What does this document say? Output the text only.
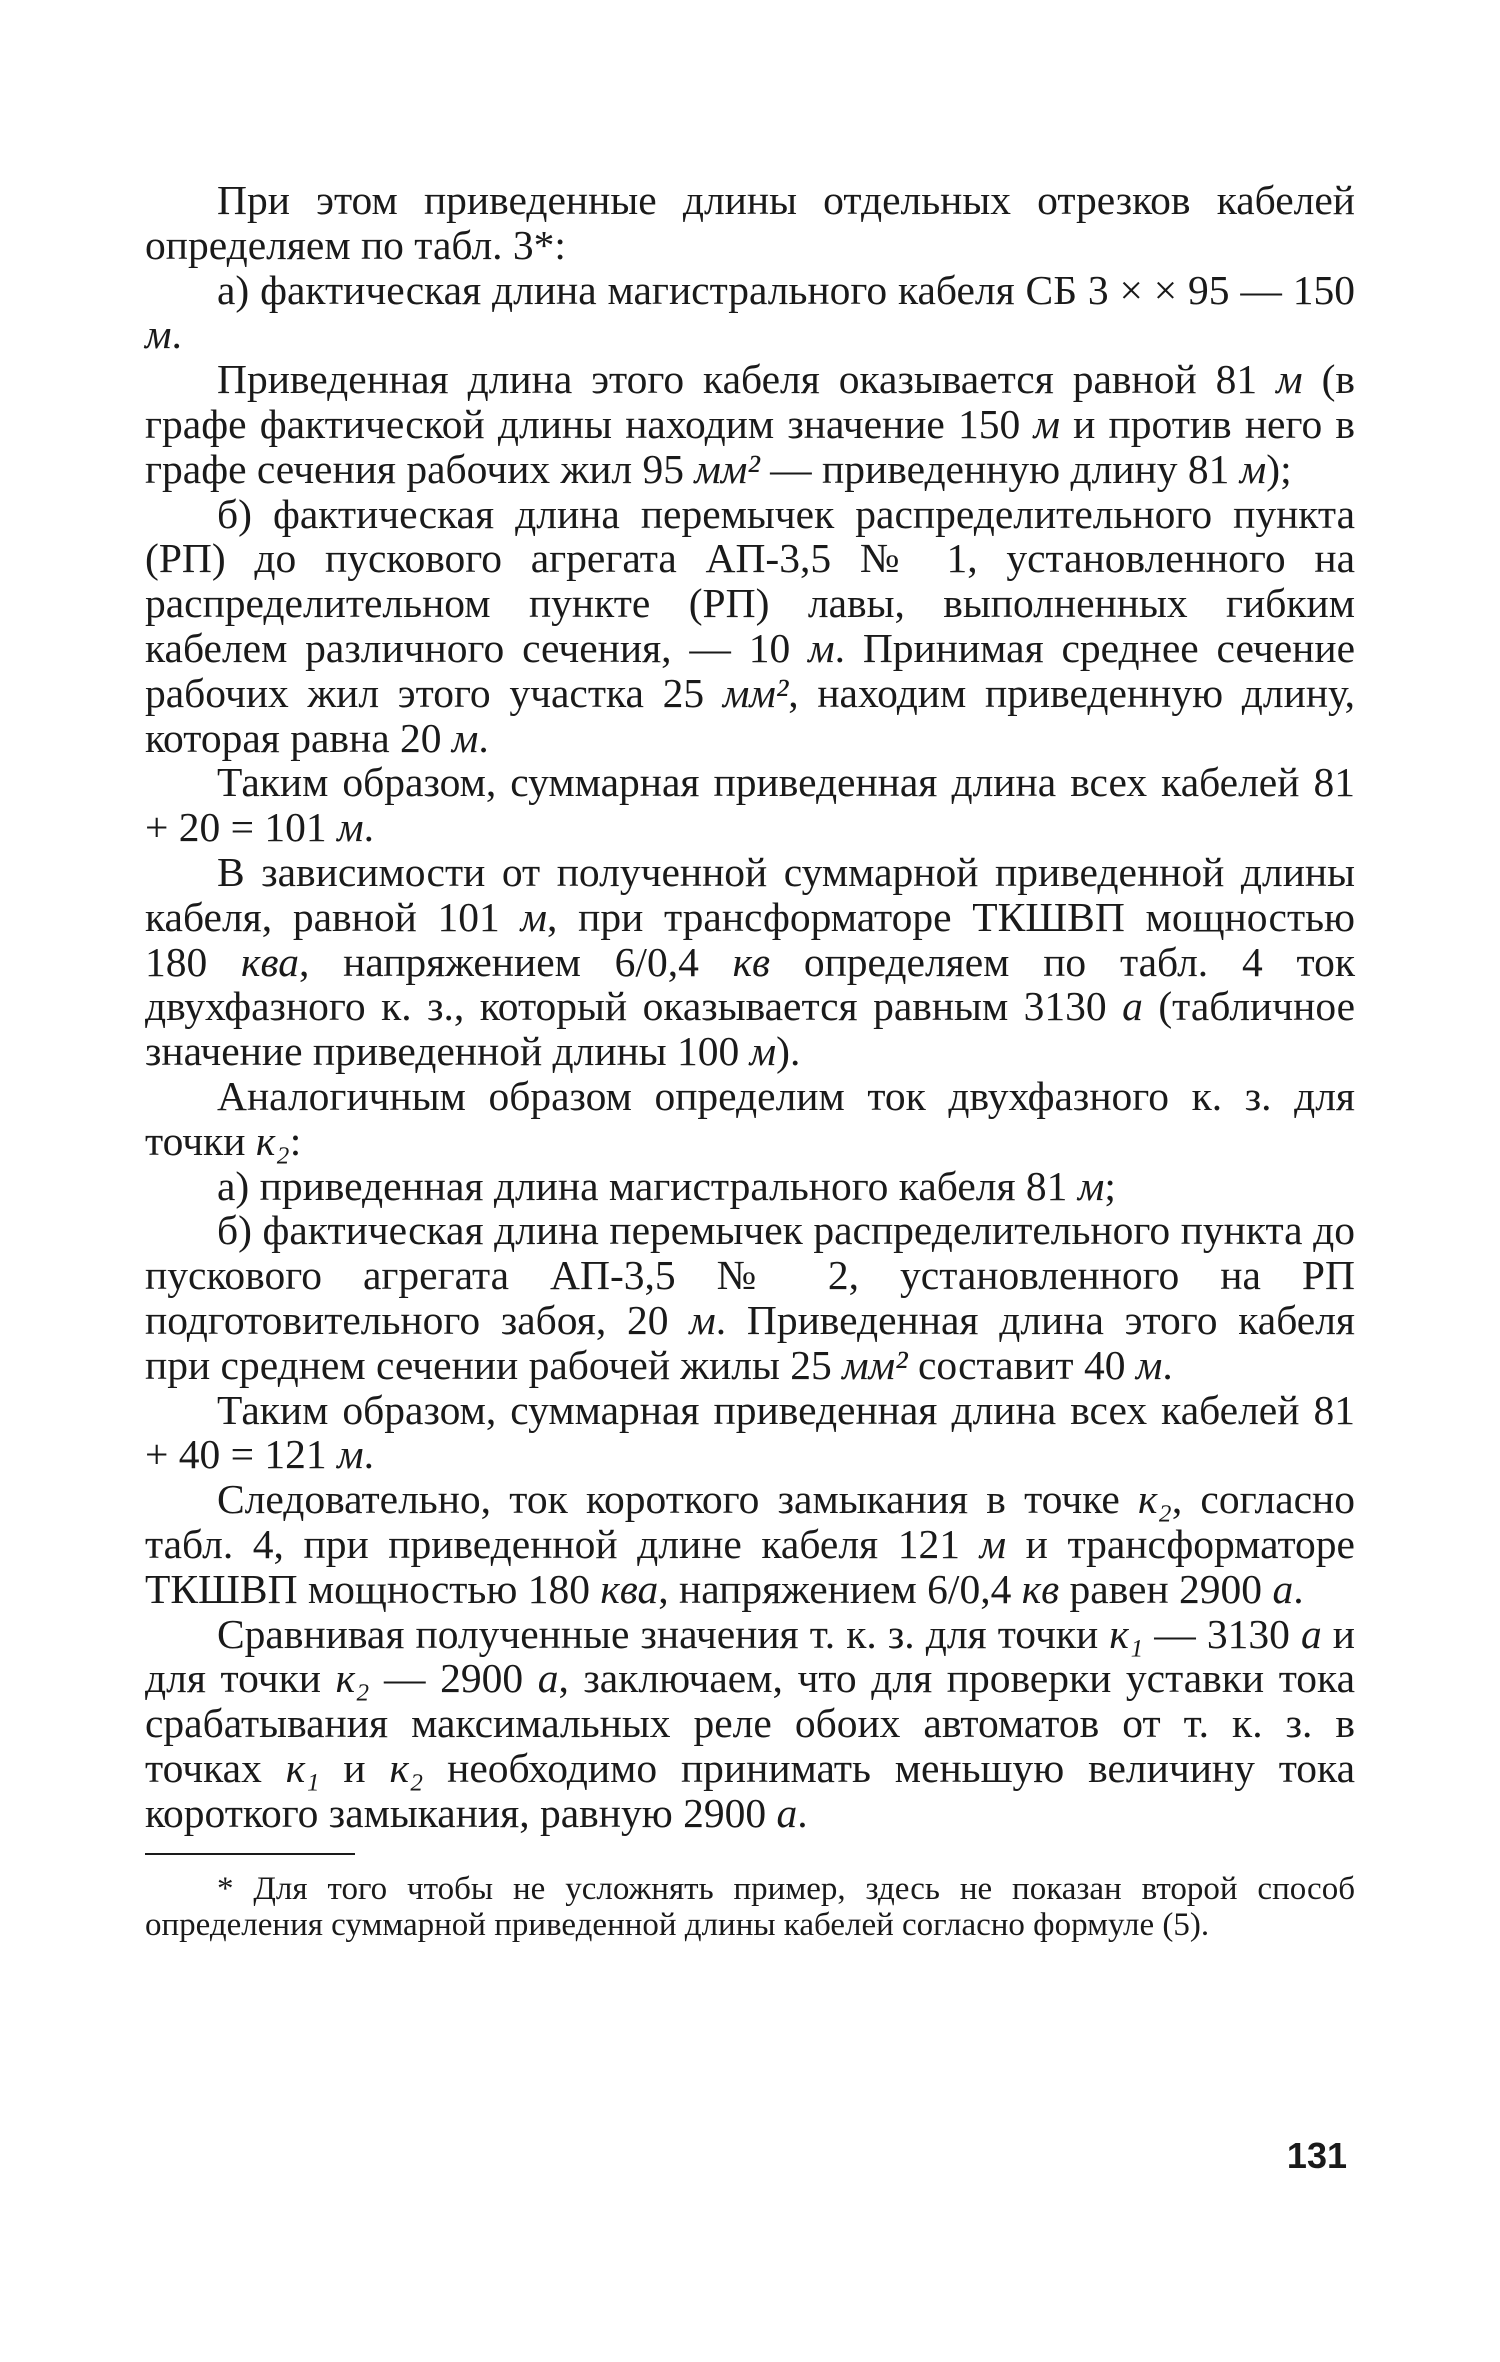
При этом приведенные длины отдельных отрезков кабелей определяем по табл. 3*:

а) фактическая длина магистрального кабеля СБ 3 × × 95 — 150 м.

Приведенная длина этого кабеля оказывается равной 81 м (в графе фактической длины находим значение 150 м и против него в графе сечения рабочих жил 95 мм² — приведенную длину 81 м);

б) фактическая длина перемычек распределительного пункта (РП) до пускового агрегата АП-3,5 № 1, установленного на распределительном пункте (РП) лавы, выполненных гибким кабелем различного сечения, — 10 м. Принимая среднее сечение рабочих жил этого участка 25 мм², находим приведенную длину, которая равна 20 м.

Таким образом, суммарная приведенная длина всех кабелей 81 + 20 = 101 м.

В зависимости от полученной суммарной приведенной длины кабеля, равной 101 м, при трансформаторе ТКШВП мощностью 180 ква, напряжением 6/0,4 кв определяем по табл. 4 ток двухфазного к. з., который оказывается равным 3130 а (табличное значение приведенной длины 100 м).

Аналогичным образом определим ток двухфазного к. з. для точки к₂:

а) приведенная длина магистрального кабеля 81 м;

б) фактическая длина перемычек распределительного пункта до пускового агрегата АП-3,5 № 2, установленного на РП подготовительного забоя, 20 м. Приведенная длина этого кабеля при среднем сечении рабочей жилы 25 мм² составит 40 м.

Таким образом, суммарная приведенная длина всех кабелей 81 + 40 = 121 м.

Следовательно, ток короткого замыкания в точке к₂, согласно табл. 4, при приведенной длине кабеля 121 м и трансформаторе ТКШВП мощностью 180 ква, напряжением 6/0,4 кв равен 2900 а.

Сравнивая полученные значения т. к. з. для точки к₁ — 3130 а и для точки к₂ — 2900 а, заключаем, что для проверки уставки тока срабатывания максимальных реле обоих автоматов от т. к. з. в точках к₁ и к₂ необходимо принимать меньшую величину тока короткого замыкания, равную 2900 а.

* Для того чтобы не усложнять пример, здесь не показан второй способ определения суммарной приведенной длины кабелей согласно формуле (5).

131
